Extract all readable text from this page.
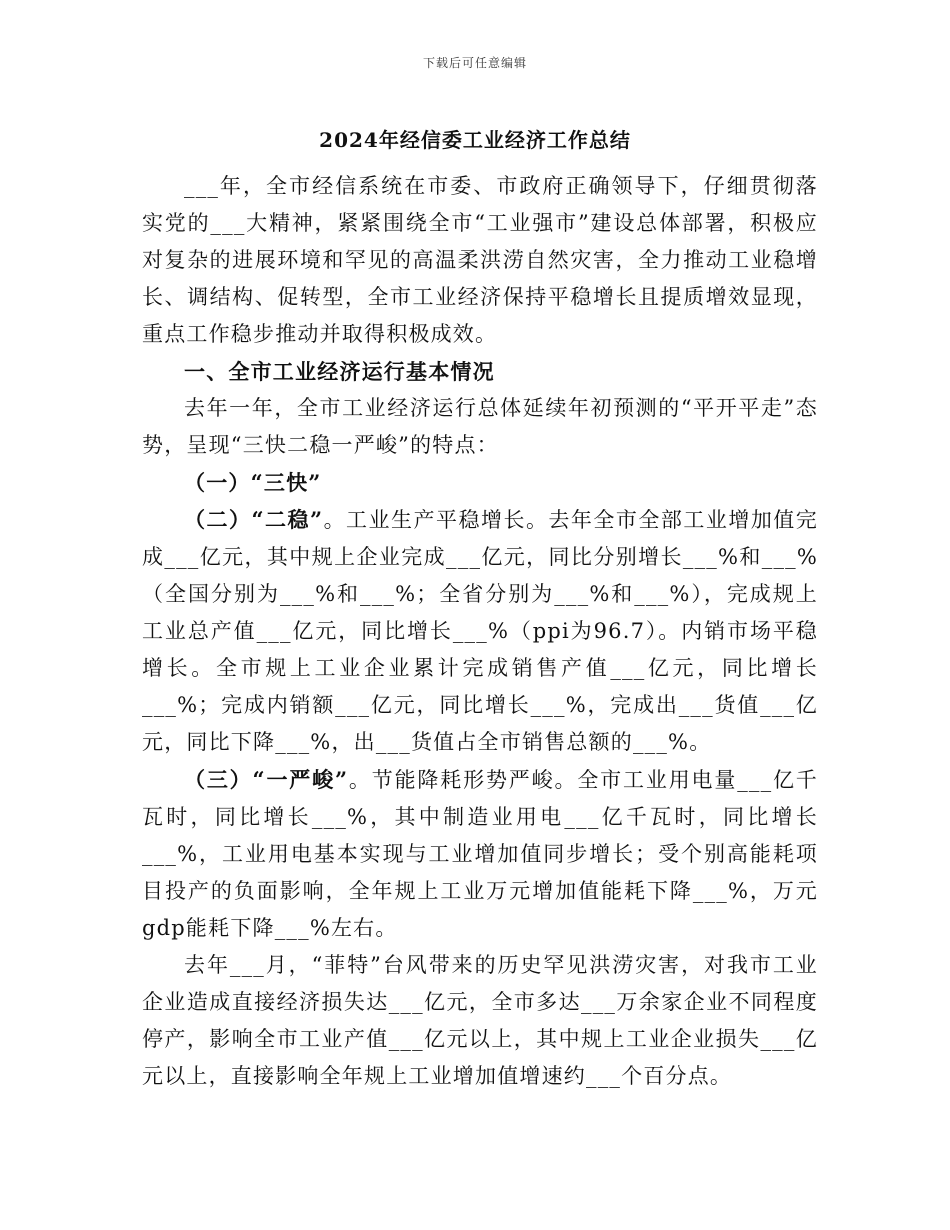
下载后可任意编辑
2024年经信委工业经济工作总结

___年，全市经信系统在市委、市政府正确领导下，仔细贯彻落实党的___大精神，紧紧围绕全市“工业强市”建设总体部署，积极应对复杂的进展环境和罕见的高温柔洪涝自然灾害，全力推动工业稳增长、调结构、促转型，全市工业经济保持平稳增长且提质增效显现，重点工作稳步推动并取得积极成效。

一、全市工业经济运行基本情况

去年一年，全市工业经济运行总体延续年初预测的“平开平走”态势，呈现“三快二稳一严峻”的特点：

（一）“三快”

（二）“二稳”。工业生产平稳增长。去年全市全部工业增加值完成___亿元，其中规上企业完成___亿元，同比分别增长___%和___%（全国分别为___%和___%；全省分别为___%和___%），完成规上工业总产值___亿元，同比增长___%（ppi为96.7）。内销市场平稳增长。全市规上工业企业累计完成销售产值___亿元，同比增长___%；完成内销额___亿元，同比增长___%，完成出___货值___亿元，同比下降___%，出___货值占全市销售总额的___%。

（三）“一严峻”。节能降耗形势严峻。全市工业用电量___亿千瓦时，同比增长___%，其中制造业用电___亿千瓦时，同比增长___%，工业用电基本实现与工业增加值同步增长；受个别高能耗项目投产的负面影响，全年规上工业万元增加值能耗下降___%，万元gdp能耗下降___%左右。

去年___月，“菲特”台风带来的历史罕见洪涝灾害，对我市工业企业造成直接经济损失达___亿元，全市多达___万余家企业不同程度停产，影响全市工业产值___亿元以上，其中规上工业企业损失___亿元以上，直接影响全年规上工业增加值增速约___个百分点。
